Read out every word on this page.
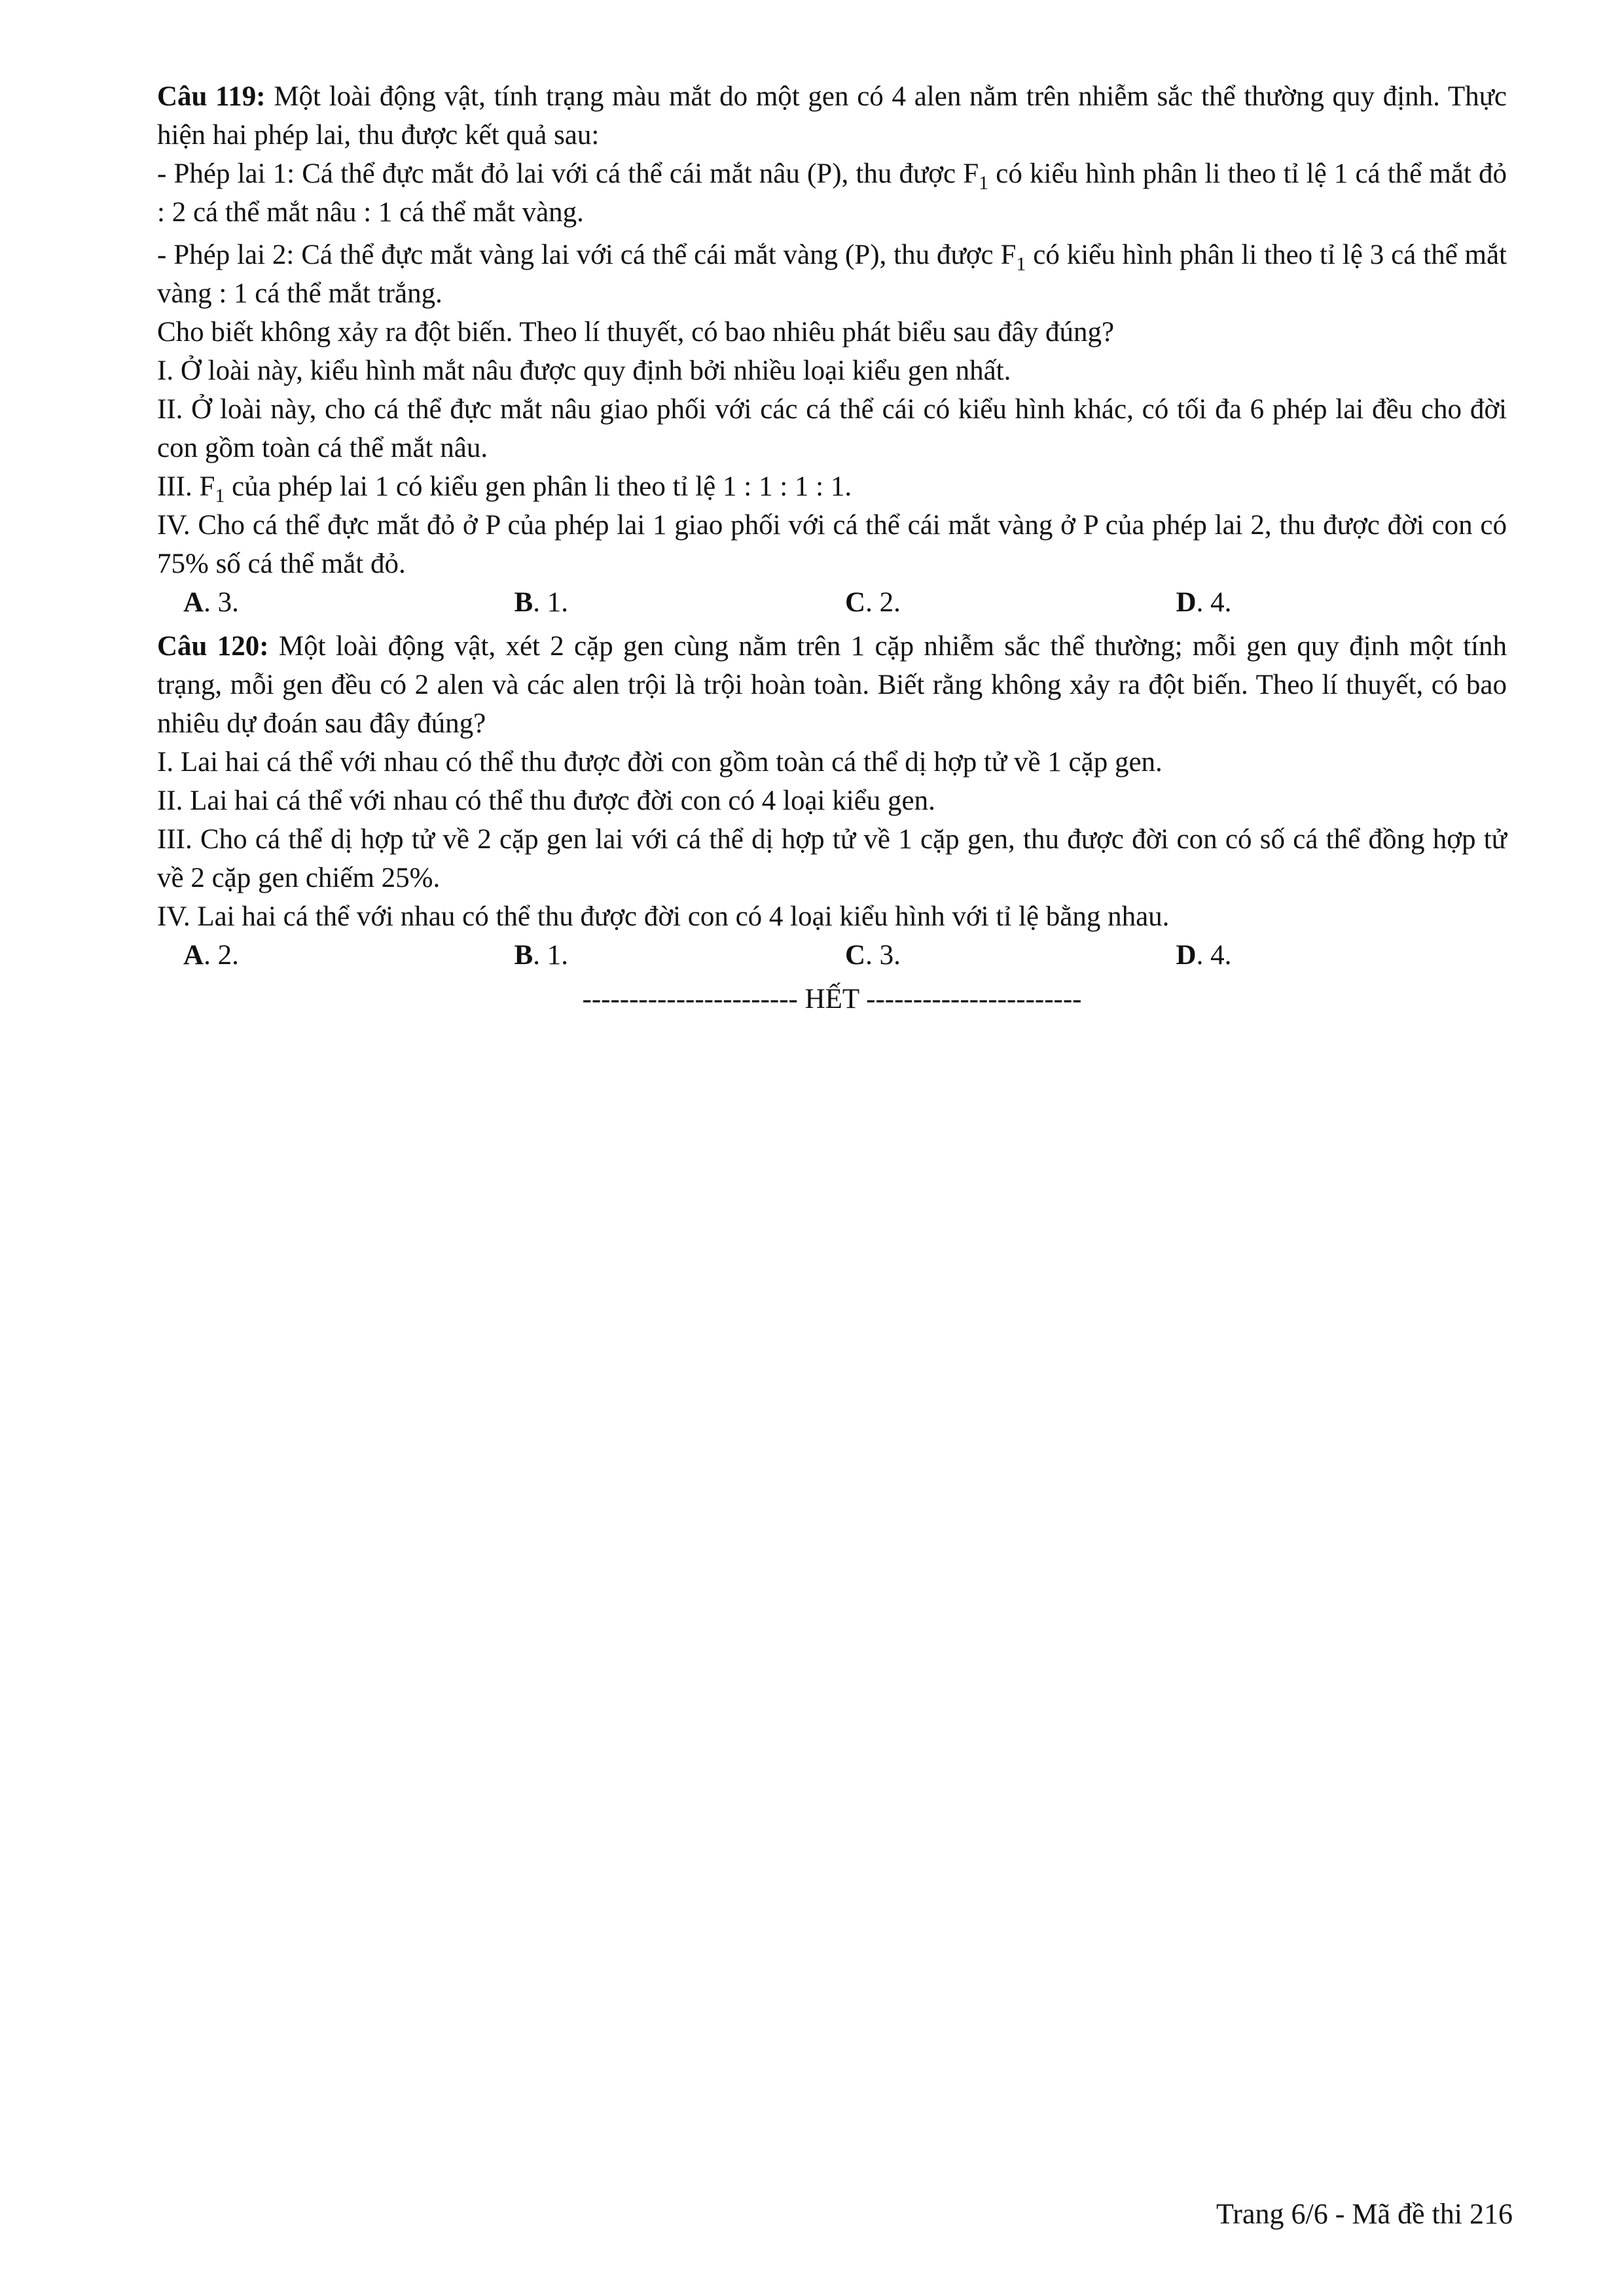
Câu 119: Một loài động vật, tính trạng màu mắt do một gen có 4 alen nằm trên nhiễm sắc thể thường quy định. Thực hiện hai phép lai, thu được kết quả sau:

- Phép lai 1: Cá thể đực mắt đỏ lai với cá thể cái mắt nâu (P), thu được $F_1$ có kiểu hình phân li theo tỉ lệ 1 cá thể mắt đỏ : 2 cá thể mắt nâu : 1 cá thể mắt vàng.

- Phép lai 2: Cá thể đực mắt vàng lai với cá thể cái mắt vàng (P), thu được $F_1$ có kiểu hình phân li theo tỉ lệ 3 cá thể mắt vàng : 1 cá thể mắt trắng.

Cho biết không xảy ra đột biến. Theo lí thuyết, có bao nhiêu phát biểu sau đây đúng?

I. Ở loài này, kiểu hình mắt nâu được quy định bởi nhiều loại kiểu gen nhất.

II. Ở loài này, cho cá thể đực mắt nâu giao phối với các cá thể cái có kiểu hình khác, có tối đa 6 phép lai đều cho đời con gồm toàn cá thể mắt nâu.

III. $F_1$ của phép lai 1 có kiểu gen phân li theo tỉ lệ 1 : 1 : 1 : 1.

IV. Cho cá thể đực mắt đỏ ở P của phép lai 1 giao phối với cá thể cái mắt vàng ở P của phép lai 2, thu được đời con có 75% số cá thể mắt đỏ.

A. 3.	B. 1.	C. 2.	D. 4.

Câu 120: Một loài động vật, xét 2 cặp gen cùng nằm trên 1 cặp nhiễm sắc thể thường; mỗi gen quy định một tính trạng, mỗi gen đều có 2 alen và các alen trội là trội hoàn toàn. Biết rằng không xảy ra đột biến. Theo lí thuyết, có bao nhiêu dự đoán sau đây đúng?

I. Lai hai cá thể với nhau có thể thu được đời con gồm toàn cá thể dị hợp tử về 1 cặp gen.

II. Lai hai cá thể với nhau có thể thu được đời con có 4 loại kiểu gen.

III. Cho cá thể dị hợp tử về 2 cặp gen lai với cá thể dị hợp tử về 1 cặp gen, thu được đời con có số cá thể đồng hợp tử về 2 cặp gen chiếm 25%.

IV. Lai hai cá thể với nhau có thể thu được đời con có 4 loại kiểu hình với tỉ lệ bằng nhau.

A. 2.	B. 1.	C. 3.	D. 4.
----------------------- HẾT -----------------------
Trang 6/6 - Mã đề thi 216
